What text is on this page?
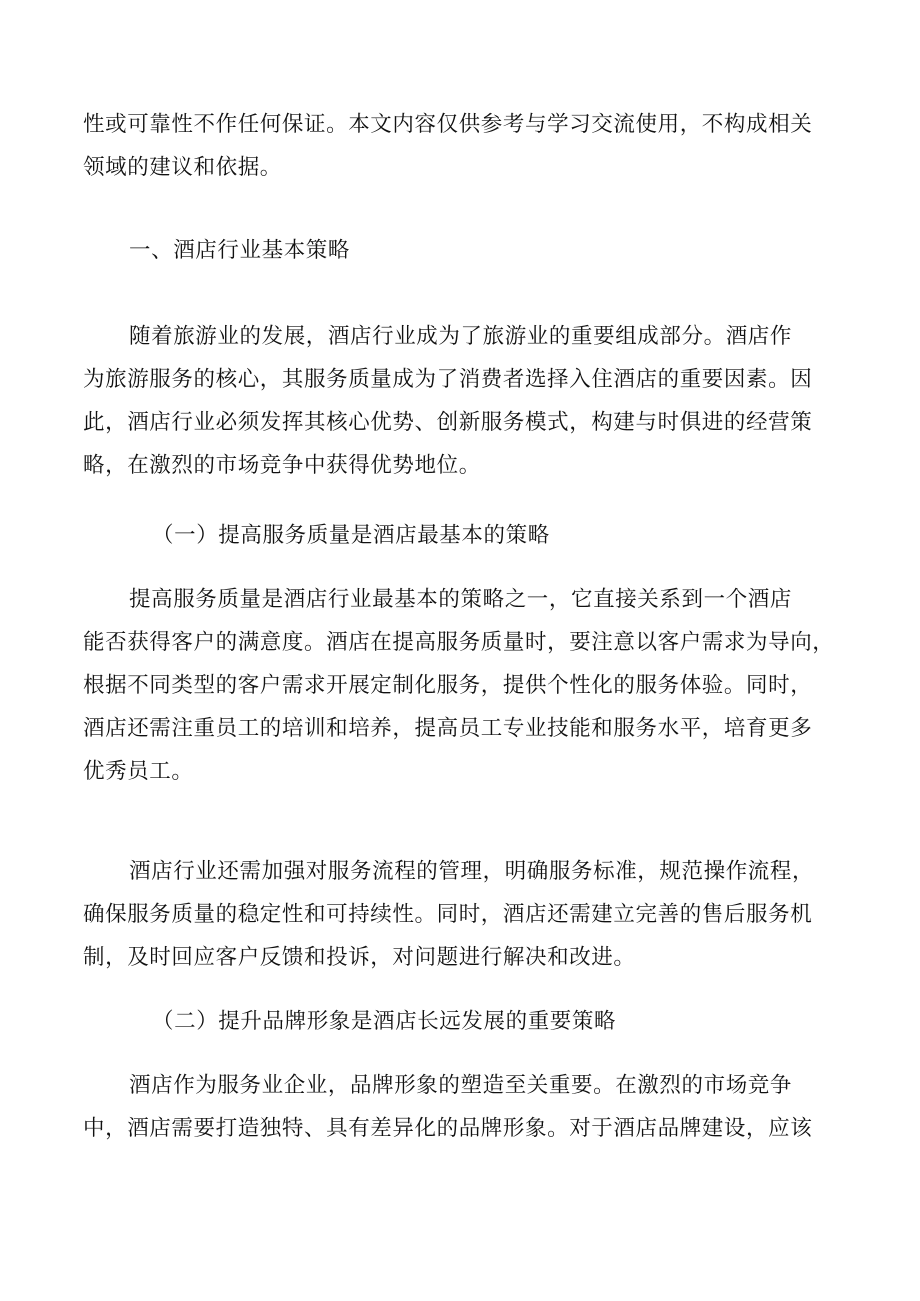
性或可靠性不作任何保证。本文内容仅供参考与学习交流使用，不构成相关
领域的建议和依据。
一、酒店行业基本策略
随着旅游业的发展，酒店行业成为了旅游业的重要组成部分。酒店作
为旅游服务的核心，其服务质量成为了消费者选择入住酒店的重要因素。因
此，酒店行业必须发挥其核心优势、创新服务模式，构建与时俱进的经营策
略，在激烈的市场竞争中获得优势地位。
（一）提高服务质量是酒店最基本的策略
提高服务质量是酒店行业最基本的策略之一，它直接关系到一个酒店
能否获得客户的满意度。酒店在提高服务质量时，要注意以客户需求为导向，
根据不同类型的客户需求开展定制化服务，提供个性化的服务体验。同时，
酒店还需注重员工的培训和培养，提高员工专业技能和服务水平，培育更多
优秀员工。
酒店行业还需加强对服务流程的管理，明确服务标准，规范操作流程，
确保服务质量的稳定性和可持续性。同时，酒店还需建立完善的售后服务机
制，及时回应客户反馈和投诉，对问题进行解决和改进。
（二）提升品牌形象是酒店长远发展的重要策略
酒店作为服务业企业，品牌形象的塑造至关重要。在激烈的市场竞争
中，酒店需要打造独特、具有差异化的品牌形象。对于酒店品牌建设，应该
